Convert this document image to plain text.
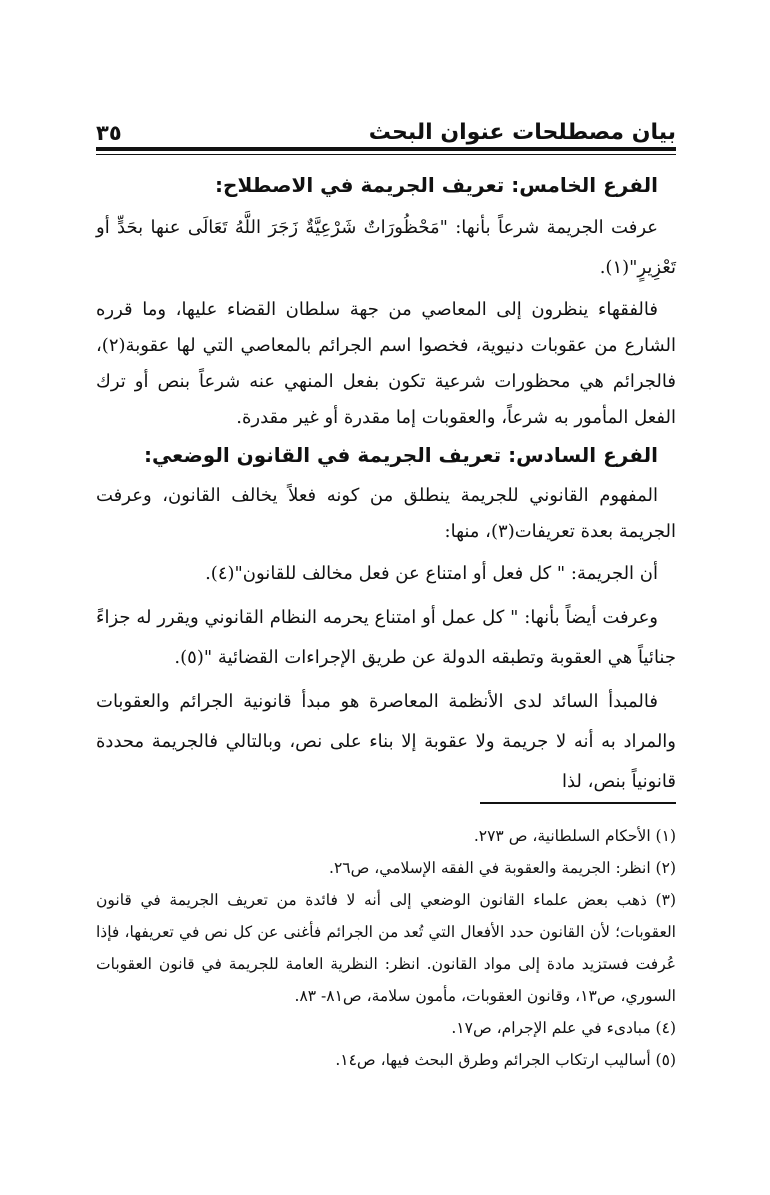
بيان مصطلحات عنوان البحث
٣٥
الفرع الخامس: تعريف الجريمة في الاصطلاح:

عرفت الجريمة شرعاً بأنها: "مَحْظُورَاتٌ شَرْعِيَّةٌ زَجَرَ اللَّهُ تَعَالَى عنها بحَدٍّ أو تَعْزِيرٍ"(١).

فالفقهاء ينظرون إلى المعاصي من جهة سلطان القضاء عليها، وما قرره الشارع من عقوبات دنيوية، فخصوا اسم الجرائم بالمعاصي التي لها عقوبة(٢)، فالجرائم هي محظورات شرعية تكون بفعل المنهي عنه شرعاً بنص أو ترك الفعل المأمور به شرعاً، والعقوبات إما مقدرة أو غير مقدرة.

الفرع السادس: تعريف الجريمة في القانون الوضعي:

المفهوم القانوني للجريمة ينطلق من كونه فعلاً يخالف القانون، وعرفت الجريمة بعدة تعريفات(٣)، منها:

أن الجريمة: " كل فعل أو امتناع عن فعل مخالف للقانون"(٤).

وعرفت أيضاً بأنها: " كل عمل أو امتناع يحرمه النظام القانوني ويقرر له جزاءً جنائياً هي العقوبة وتطبقه الدولة عن طريق الإجراءات القضائية "(٥).

فالمبدأ السائد لدى الأنظمة المعاصرة هو مبدأ قانونية الجرائم والعقوبات والمراد به أنه لا جريمة ولا عقوبة إلا بناء على نص، وبالتالي فالجريمة محددة قانونياً بنص، لذا

(١) الأحكام السلطانية، ص ٢٧٣.

(٢) انظر: الجريمة والعقوبة في الفقه الإسلامي، ص٢٦.

(٣) ذهب بعض علماء القانون الوضعي إلى أنه لا فائدة من تعريف الجريمة في قانون العقوبات؛ لأن القانون حدد الأفعال التي تُعد من الجرائم فأغنى عن كل نص في تعريفها، فإذا عُرفت فستزيد مادة إلى مواد القانون. انظر: النظرية العامة للجريمة في قانون العقوبات السوري، ص١٣، وقانون العقوبات، مأمون سلامة، ص٨١- ٨٣.

(٤) مبادىء في علم الإجرام، ص١٧.

(٥) أساليب ارتكاب الجرائم وطرق البحث فيها، ص١٤.
